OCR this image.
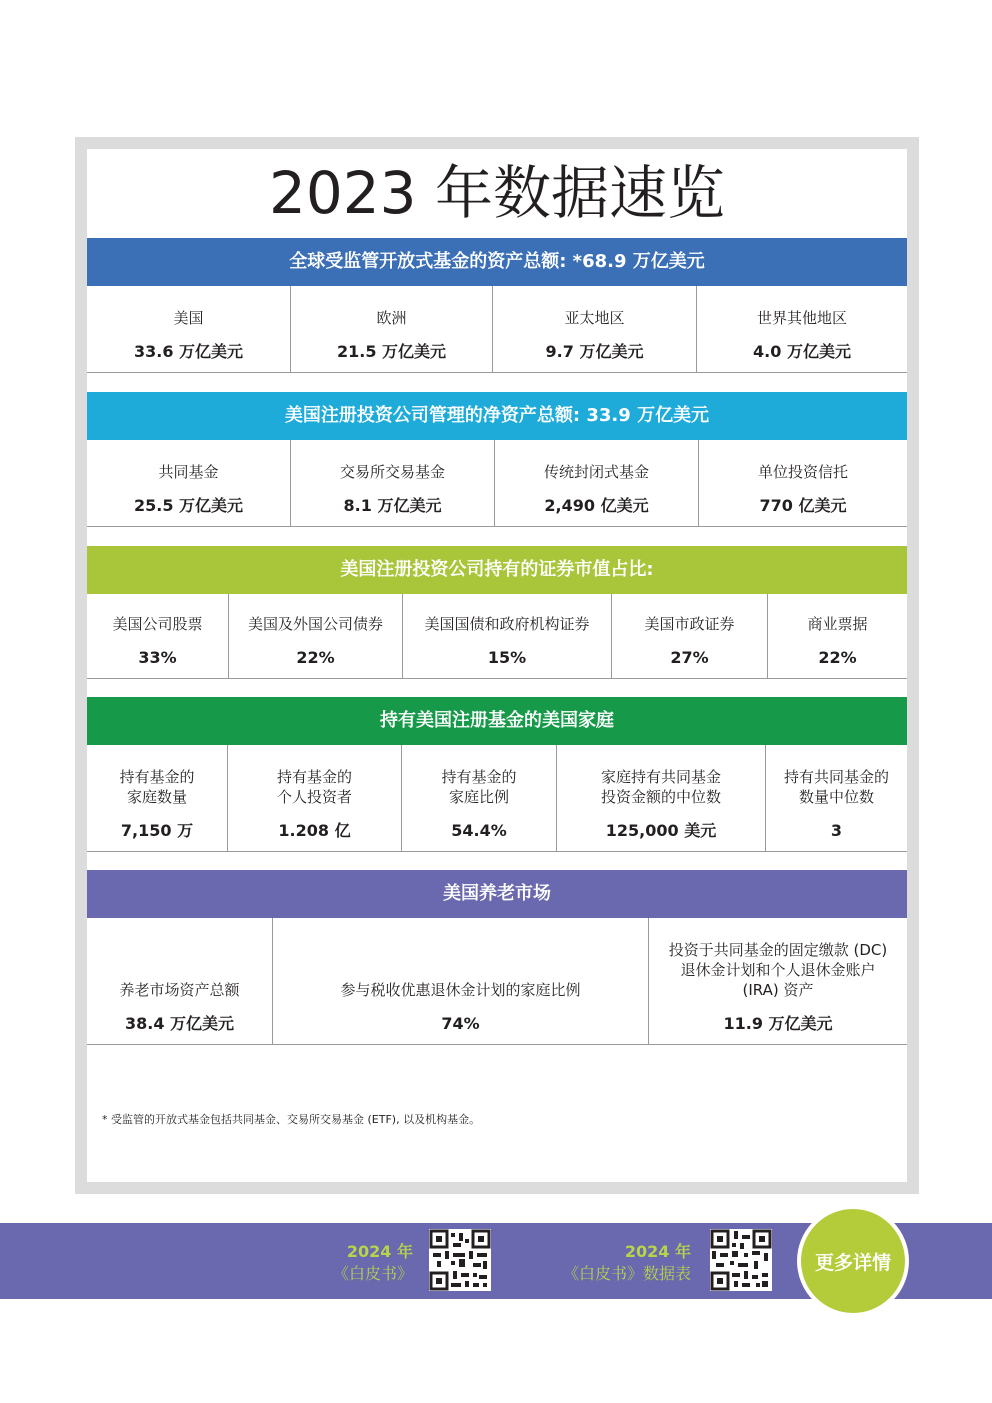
2023 年数据速览
全球受监管开放式基金的资产总额: *68.9 万亿美元
美国
33.6 万亿美元
欧洲
21.5 万亿美元
亚太地区
9.7 万亿美元
世界其他地区
4.0 万亿美元
美国注册投资公司管理的净资产总额: 33.9 万亿美元
共同基金
25.5 万亿美元
交易所交易基金
8.1 万亿美元
传统封闭式基金
2,490 亿美元
单位投资信托
770 亿美元
美国注册投资公司持有的证券市值占比:
美国公司股票
33%
美国及外国公司债券
22%
美国国债和政府机构证券
15%
美国市政证券
27%
商业票据
22%
持有美国注册基金的美国家庭
持有基金的
家庭数量
7,150 万
持有基金的
个人投资者
1.208 亿
持有基金的
家庭比例
54.4%
家庭持有共同基金
投资金额的中位数
125,000 美元
持有共同基金的
数量中位数
3
美国养老市场
养老市场资产总额
38.4 万亿美元
参与税收优惠退休金计划的家庭比例
74%
投资于共同基金的固定缴款 (DC)
退休金计划和个人退休金账户
(IRA) 资产
11.9 万亿美元
* 受监管的开放式基金包括共同基金、交易所交易基金 (ETF), 以及机构基金。
2024 年
《白皮书》
2024 年
《白皮书》数据表	更多详情
